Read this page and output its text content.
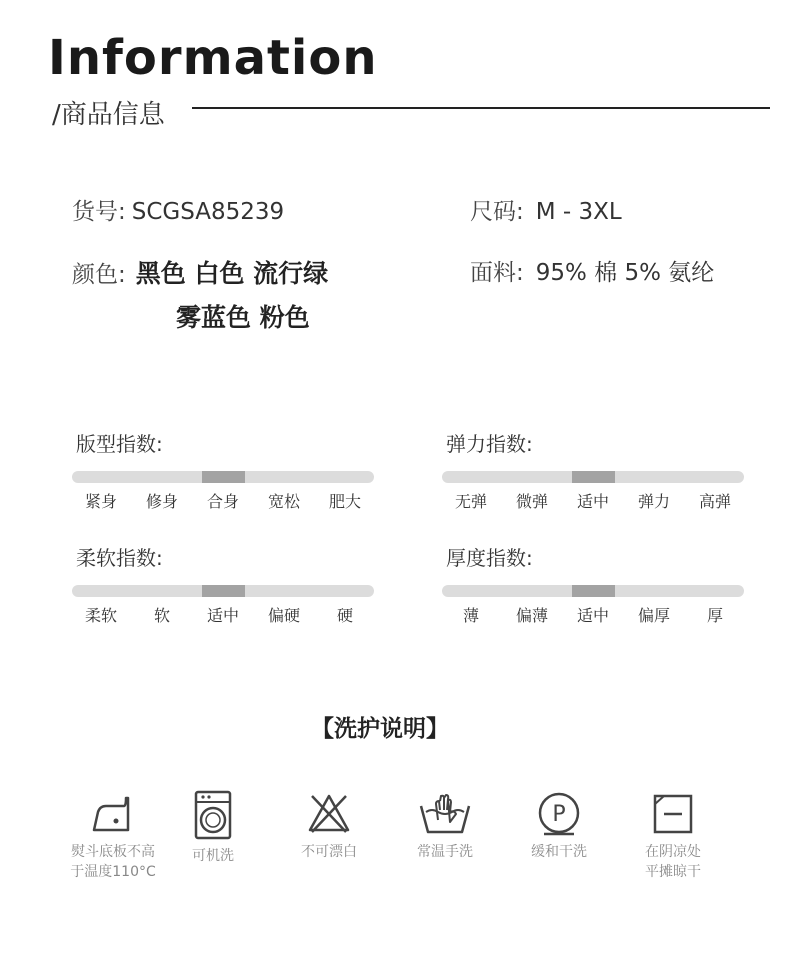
Information
/商品信息
货号: SCGSA85239	尺码: M - 3XL
颜色: 黑色 白色 流行绿
雾蓝色 粉色
面料: 95% 棉 5% 氨纶
版型指数:
紧身	修身	合身	宽松	肥大
弹力指数:
无弹	微弹	适中	弹力	高弹
柔软指数:
柔软	软	适中	偏硬	硬
厚度指数:
薄	偏薄	适中	偏厚	厚
【洗护说明】
熨斗底板不高
于温度110°C
可机洗	不可漂白	常温手洗
P
缓和干洗	在阴凉处
平摊晾干
